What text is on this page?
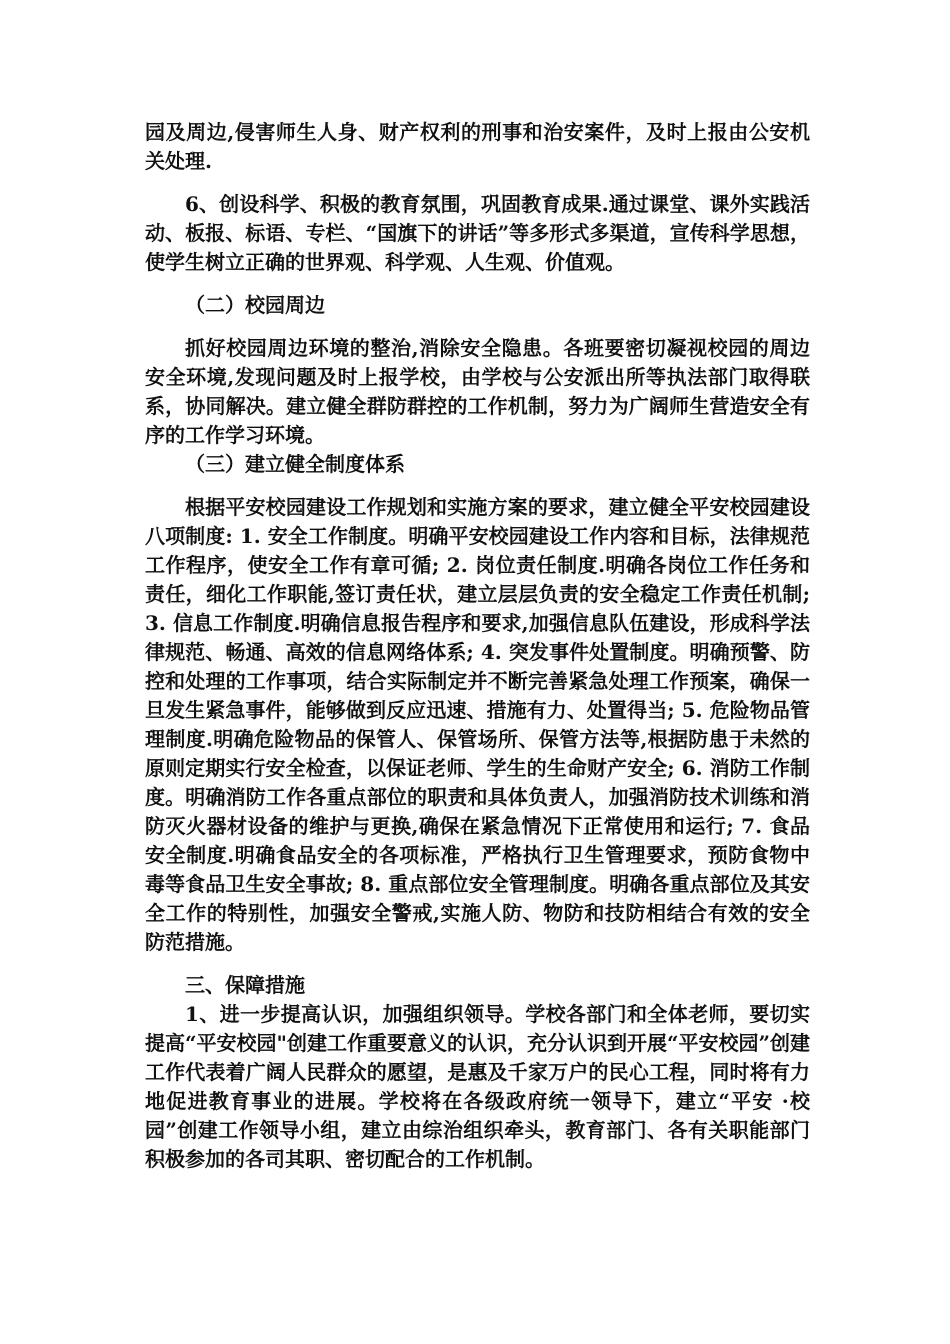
园及周边,侵害师生人身、财产权利的刑事和治安案件，及时上报由公安机关处理.

6、创设科学、积极的教育氛围，巩固教育成果.通过课堂、课外实践活动、板报、标语、专栏、“国旗下的讲话”等多形式多渠道，宣传科学思想，使学生树立正确的世界观、科学观、人生观、价值观。

（二）校园周边

抓好校园周边环境的整治,消除安全隐患。各班要密切凝视校园的周边安全环境,发现问题及时上报学校，由学校与公安派出所等执法部门取得联系，协同解决。建立健全群防群控的工作机制，努力为广阔师生营造安全有序的工作学习环境。

（三）建立健全制度体系

根据平安校园建设工作规划和实施方案的要求，建立健全平安校园建设八项制度: 1. 安全工作制度。明确平安校园建设工作内容和目标，法律规范工作程序，使安全工作有章可循; 2. 岗位责任制度.明确各岗位工作任务和责任，细化工作职能,签订责任状，建立层层负责的安全稳定工作责任机制; 3. 信息工作制度.明确信息报告程序和要求,加强信息队伍建设，形成科学法律规范、畅通、高效的信息网络体系; 4. 突发事件处置制度。明确预警、防控和处理的工作事项，结合实际制定并不断完善紧急处理工作预案，确保一旦发生紧急事件，能够做到反应迅速、措施有力、处置得当; 5. 危险物品管理制度.明确危险物品的保管人、保管场所、保管方法等,根据防患于未然的原则定期实行安全检查，以保证老师、学生的生命财产安全; 6. 消防工作制度。明确消防工作各重点部位的职责和具体负责人，加强消防技术训练和消防灭火器材设备的维护与更换,确保在紧急情况下正常使用和运行; 7. 食品安全制度.明确食品安全的各项标准，严格执行卫生管理要求，预防食物中毒等食品卫生安全事故; 8. 重点部位安全管理制度。明确各重点部位及其安全工作的特别性，加强安全警戒,实施人防、物防和技防相结合有效的安全防范措施。

三、保障措施

1、进一步提高认识，加强组织领导。学校各部门和全体老师，要切实提高“平安校园"创建工作重要意义的认识，充分认识到开展“平安校园”创建工作代表着广阔人民群众的愿望，是惠及千家万户的民心工程，同时将有力地促进教育事业的进展。学校将在各级政府统一领导下，建立“平安 ·校园”创建工作领导小组，建立由综治组织牵头，教育部门、各有关职能部门积极参加的各司其职、密切配合的工作机制。
